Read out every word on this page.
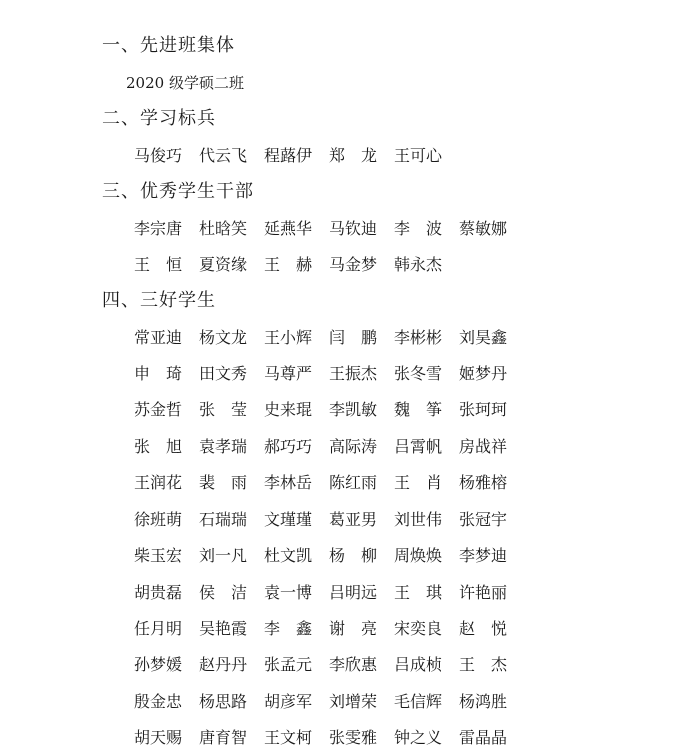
一、先进班集体
2020 级学硕二班
二、学习标兵
马俊巧	代云飞	程蕗伊	郑　龙	王可心
三、优秀学生干部
李宗唐	杜晗笑	延燕华	马钦迪	李　波	蔡敏娜
王　恒	夏资缘	王　赫	马金梦	韩永杰
四、三好学生
常亚迪	杨文龙	王小辉	闫　鹏	李彬彬	刘昊鑫
申　琦	田文秀	马尊严	王振杰	张冬雪	姬梦丹
苏金哲	张　莹	史来琨	李凯敏	魏　筝	张珂珂
张　旭	袁孝瑞	郝巧巧	高际涛	吕霄帆	房战祥
王润花	裴　雨	李林岳	陈红雨	王　肖	杨雅榕
徐班萌	石瑞瑞	文瑾瑾	葛亚男	刘世伟	张冠宇
柴玉宏	刘一凡	杜文凯	杨　柳	周焕焕	李梦迪
胡贵磊	侯　洁	袁一博	吕明远	王　琪	许艳丽
任月明	吴艳霞	李　鑫	谢　亮	宋奕良	赵　悦
孙梦媛	赵丹丹	张孟元	李欣惠	吕成桢	王　杰
殷金忠	杨思路	胡彦军	刘增荣	毛信辉	杨鸿胜
胡天赐	唐育智	王文柯	张雯雅	钟之义	雷晶晶
